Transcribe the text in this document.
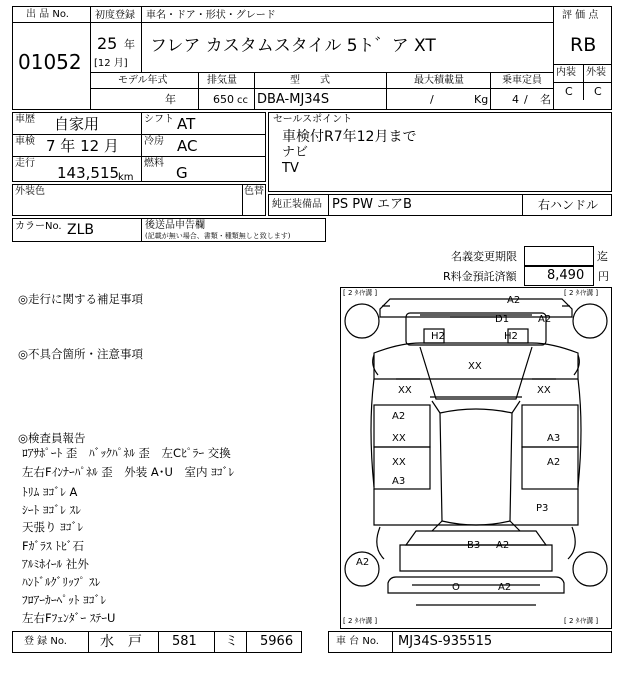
出 品 No.
01052
初度登録
25 年
[12 月]
車名・ドア・形状・グレード
フレア カスタムスタイル 5ト゛ア XT
評 価 点
RB
内装 外装
C C
モデル年式
年
排気量
650 cc
型　　式
DBA-MJ34S
最大積載量
/	Kg
乗車定員
4 / 名
車歴 自家用
車検 7 年 12 月
走行
143,515
km
シフト AT
冷房 AC
燃料
G
セールスポイント
車検付R7年12月まで
ナビ
TV
外装色	色替
純正装備品 PS PW エアB	右ハンドル
カラーNo. ZLB	後送品申告欄
(記載が無い場合、書類・種類無しと致します)
名義変更期限	迄
R料金預託済額 8,490 円
◎走行に関する補足事項
◎不具合箇所・注意事項
◎検査員報告
ﾛｱｻﾎﾟｰﾄ 歪　ﾊﾞｯｸﾊﾟﾈﾙ 歪　左Cﾋﾟﾗｰ 交換
左右Fｲﾝﾅｰﾊﾟﾈﾙ 歪　外装 A･U　室内 ﾖｺﾞﾚ
ﾄﾘﾑ ﾖｺﾞﾚ A
ｼｰﾄ ﾖｺﾞﾚ ｽﾚ
天張り ﾖｺﾞﾚ
Fｶﾞﾗｽ ﾄﾋﾞ石
ｱﾙﾐﾎｲｰﾙ 社外
ﾊﾝﾄﾞﾙｸﾞﾘｯﾌﾟ ｽﾚ
ﾌﾛｱｰｶｰﾍﾟｯﾄ ﾖｺﾞﾚ
左右Fﾌｪﾝﾀﾞｰ ｽﾃｰU
[ 2 ﾀｲﾔ溝 ]	[ 2 ﾀｲﾔ溝 ]
[ 2 ﾀｲﾔ溝 ]	[ 2 ﾀｲﾔ溝 ]
A2
D1	A2
H2	H2
XX
XX	XX
A2
XX	A3
XX	A2
A3
P3
B3 A2
A2
O	A2
登 録 No. 水　戸 581 ミ 5966	車 台 No. MJ34S-935515
